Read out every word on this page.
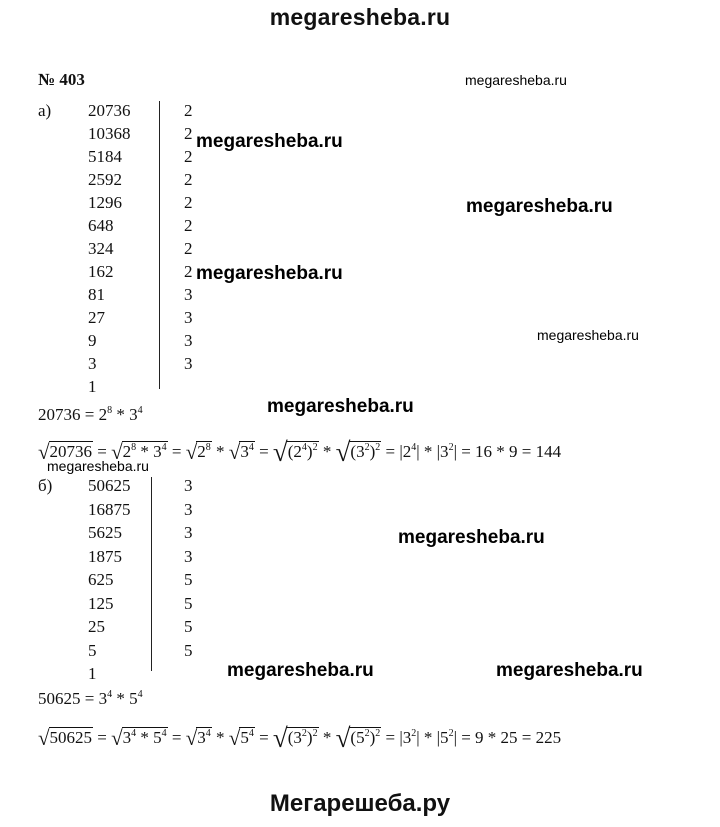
megaresheba.ru
Мегарешеба.ру
№ 403	megaresheba.ru
megaresheba.ru
megaresheba.ru
megaresheba.ru
megaresheba.ru
megaresheba.ru
megaresheba.ru
megaresheba.ru
megaresheba.ru	megaresheba.ru
а) 20736
10368
5184
2592
1296
648
324
162
81
27
9
3
1
2
2
2
2
2
2
2
2
3
3
3
3
$20736 = 2^8 * 3^4$
$√20736 = √2^8 * 3^4 = √2^8 * √3^4 = √(2^4)^2 * √(3^2)^2 = |2^4| * |3^2| = 16 * 9 = 144$
б) 50625
16875
5625
1875
625
125
25
5
1
3
3
3
3
5
5
5
5
$50625 = 3^4 * 5^4$
$√50625 = √3^4 * 5^4 = √3^4 * √5^4 = √(3^2)^2 * √(5^2)^2 = |3^2| * |5^2| = 9 * 25 = 225$
